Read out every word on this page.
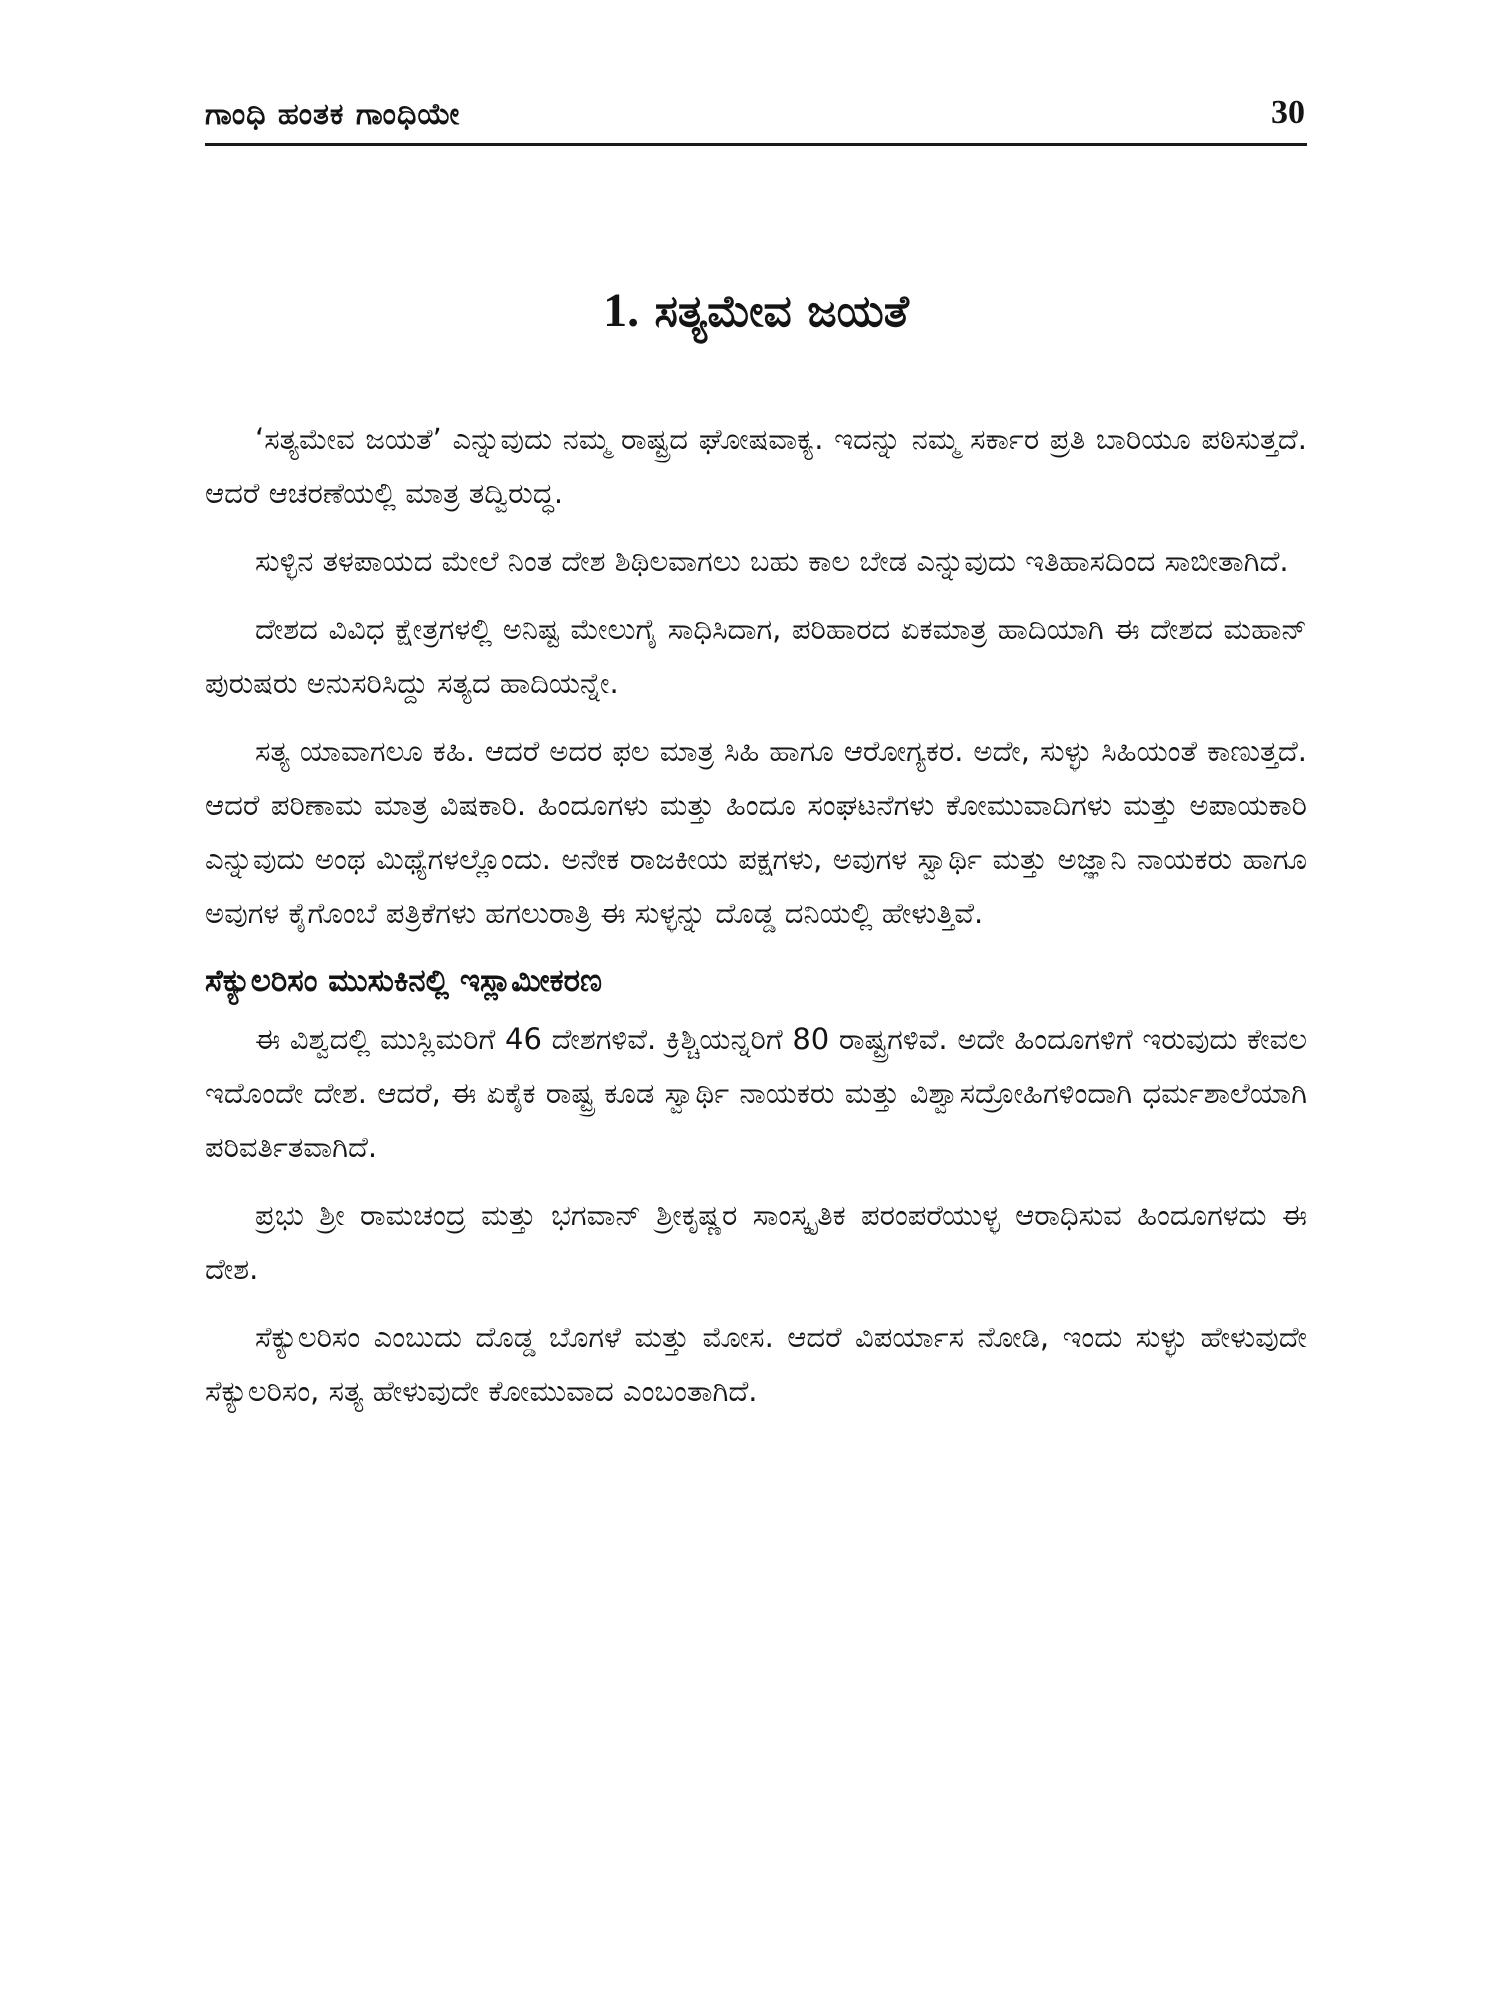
ಗಾಂಧಿ ಹಂತಕ ಗಾಂಧಿಯೇ	30
1. ಸತ್ಯಮೇವ ಜಯತೆ

‘ಸತ್ಯಮೇವ ಜಯತೆ’ ಎನ್ನುವುದು ನಮ್ಮ ರಾಷ್ಟ್ರದ ಘೋಷವಾಕ್ಯ. ಇದನ್ನು ನಮ್ಮ ಸರ್ಕಾರ ಪ್ರತಿ ಬಾರಿಯೂ ಪಠಿಸುತ್ತದೆ. ಆದರೆ ಆಚರಣೆಯಲ್ಲಿ ಮಾತ್ರ ತದ್ವಿರುದ್ಧ.

ಸುಳ್ಳಿನ ತಳಪಾಯದ ಮೇಲೆ ನಿಂತ ದೇಶ ಶಿಥಿಲವಾಗಲು ಬಹು ಕಾಲ ಬೇಡ ಎನ್ನುವುದು ಇತಿಹಾಸದಿಂದ ಸಾಬೀತಾಗಿದೆ.

ದೇಶದ ವಿವಿಧ ಕ್ಷೇತ್ರಗಳಲ್ಲಿ ಅನಿಷ್ಟ ಮೇಲುಗೈ ಸಾಧಿಸಿದಾಗ, ಪರಿಹಾರದ ಏಕಮಾತ್ರ ಹಾದಿಯಾಗಿ ಈ ದೇಶದ ಮಹಾನ್ ಪುರುಷರು ಅನುಸರಿಸಿದ್ದು ಸತ್ಯದ ಹಾದಿಯನ್ನೇ.

ಸತ್ಯ ಯಾವಾಗಲೂ ಕಹಿ. ಆದರೆ ಅದರ ಫಲ ಮಾತ್ರ ಸಿಹಿ ಹಾಗೂ ಆರೋಗ್ಯಕರ. ಅದೇ, ಸುಳ್ಳು ಸಿಹಿಯಂತೆ ಕಾಣುತ್ತದೆ. ಆದರೆ ಪರಿಣಾಮ ಮಾತ್ರ ವಿಷಕಾರಿ. ಹಿಂದೂಗಳು ಮತ್ತು ಹಿಂದೂ ಸಂಘಟನೆಗಳು ಕೋಮುವಾದಿಗಳು ಮತ್ತು ಅಪಾಯಕಾರಿ ಎನ್ನುವುದು ಅಂಥ ಮಿಥ್ಯೆಗಳಲ್ಲೊಂದು. ಅನೇಕ ರಾಜಕೀಯ ಪಕ್ಷಗಳು, ಅವುಗಳ ಸ್ವಾರ್ಥಿ ಮತ್ತು ಅಜ್ಞಾನಿ ನಾಯಕರು ಹಾಗೂ ಅವುಗಳ ಕೈಗೊಂಬೆ ಪತ್ರಿಕೆಗಳು ಹಗಲುರಾತ್ರಿ ಈ ಸುಳ್ಳನ್ನು ದೊಡ್ಡ ದನಿಯಲ್ಲಿ ಹೇಳುತ್ತಿವೆ.

ಸೆಕ್ಯುಲರಿಸಂ ಮುಸುಕಿನಲ್ಲಿ ಇಸ್ಲಾಮೀಕರಣ

ಈ ವಿಶ್ವದಲ್ಲಿ ಮುಸ್ಲಿಮರಿಗೆ 46 ದೇಶಗಳಿವೆ. ಕ್ರಿಶ್ಚಿಯನ್ನರಿಗೆ 80 ರಾಷ್ಟ್ರಗಳಿವೆ. ಅದೇ ಹಿಂದೂಗಳಿಗೆ ಇರುವುದು ಕೇವಲ ಇದೊಂದೇ ದೇಶ. ಆದರೆ, ಈ ಏಕೈಕ ರಾಷ್ಟ್ರ ಕೂಡ ಸ್ವಾರ್ಥಿ ನಾಯಕರು ಮತ್ತು ವಿಶ್ವಾಸದ್ರೋಹಿಗಳಿಂದಾಗಿ ಧರ್ಮಶಾಲೆಯಾಗಿ ಪರಿವರ್ತಿತವಾಗಿದೆ.

ಪ್ರಭು ಶ್ರೀ ರಾಮಚಂದ್ರ ಮತ್ತು ಭಗವಾನ್ ಶ್ರೀಕೃಷ್ಣರ ಸಾಂಸ್ಕೃತಿಕ ಪರಂಪರೆಯುಳ್ಳ ಆರಾಧಿಸುವ ಹಿಂದೂಗಳದು ಈ ದೇಶ.

ಸೆಕ್ಯುಲರಿಸಂ ಎಂಬುದು ದೊಡ್ಡ ಬೊಗಳೆ ಮತ್ತು ಮೋಸ. ಆದರೆ ವಿಪರ್ಯಾಸ ನೋಡಿ, ಇಂದು ಸುಳ್ಳು ಹೇಳುವುದೇ ಸೆಕ್ಯುಲರಿಸಂ, ಸತ್ಯ ಹೇಳುವುದೇ ಕೋಮುವಾದ ಎಂಬಂತಾಗಿದೆ.
